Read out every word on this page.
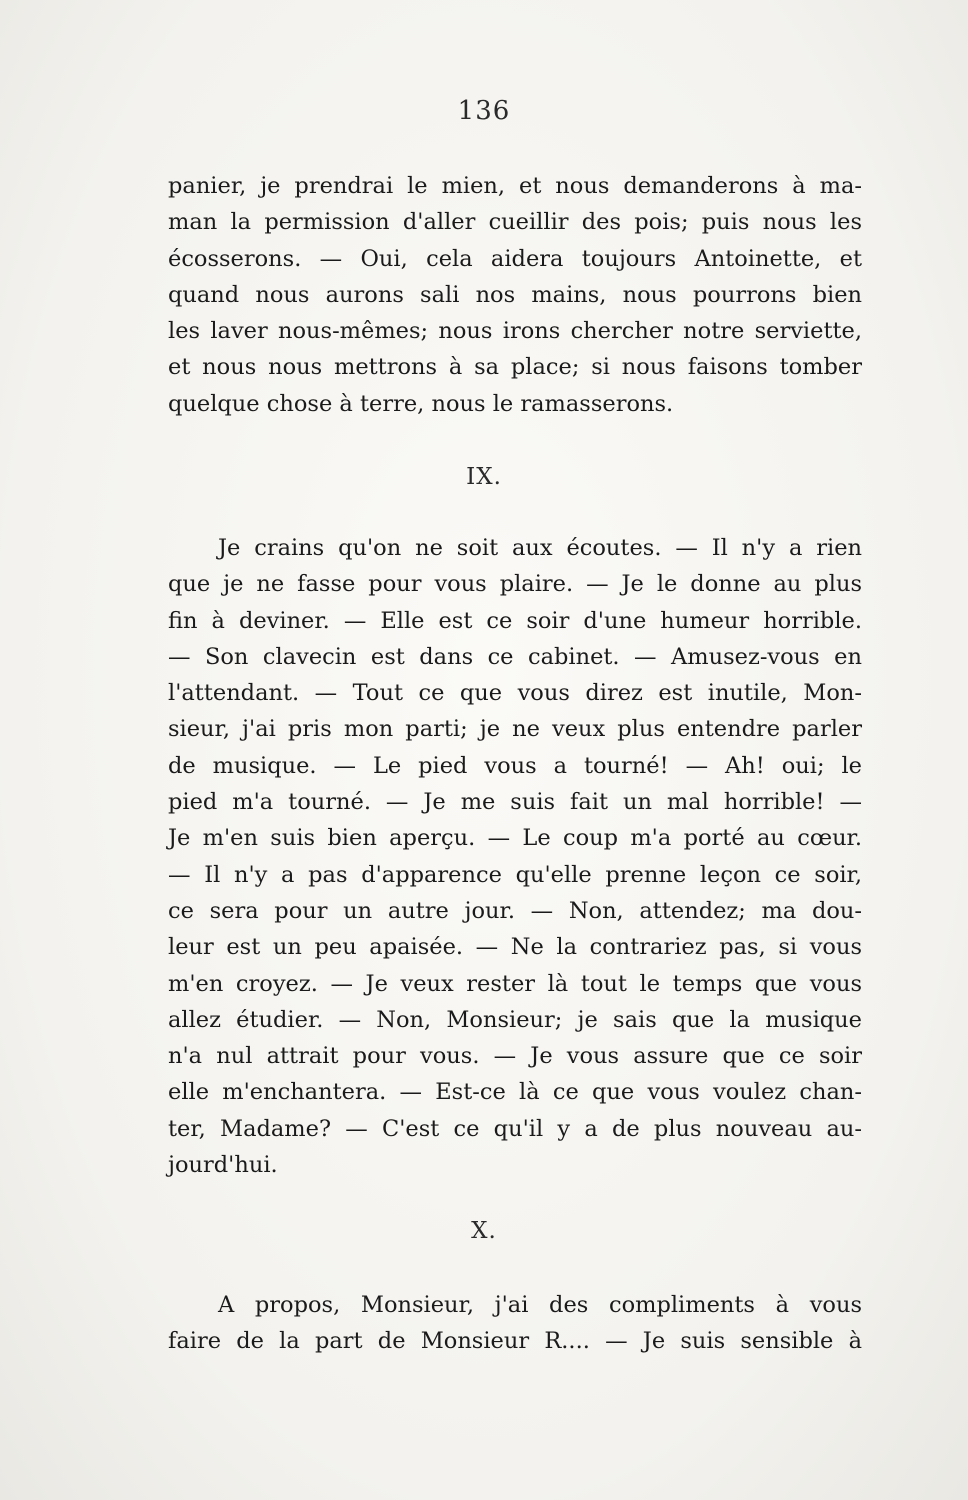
136
panier, je prendrai le mien, et nous demanderons à ma-
man la permission d'aller cueillir des pois; puis nous les
écosserons. — Oui, cela aidera toujours Antoinette, et
quand nous aurons sali nos mains, nous pourrons bien
les laver nous-mêmes; nous irons chercher notre serviette,
et nous nous mettrons à sa place; si nous faisons tomber
quelque chose à terre, nous le ramasserons.
IX.
Je crains qu'on ne soit aux écoutes. — Il n'y a rien
que je ne fasse pour vous plaire. — Je le donne au plus
fin à deviner. — Elle est ce soir d'une humeur horrible.
— Son clavecin est dans ce cabinet. — Amusez-vous en
l'attendant. — Tout ce que vous direz est inutile, Mon-
sieur, j'ai pris mon parti; je ne veux plus entendre parler
de musique. — Le pied vous a tourné! — Ah! oui; le
pied m'a tourné. — Je me suis fait un mal horrible! —
Je m'en suis bien aperçu. — Le coup m'a porté au cœur.
— Il n'y a pas d'apparence qu'elle prenne leçon ce soir,
ce sera pour un autre jour. — Non, attendez; ma dou-
leur est un peu apaisée. — Ne la contrariez pas, si vous
m'en croyez. — Je veux rester là tout le temps que vous
allez étudier. — Non, Monsieur; je sais que la musique
n'a nul attrait pour vous. — Je vous assure que ce soir
elle m'enchantera. — Est-ce là ce que vous voulez chan-
ter, Madame? — C'est ce qu'il y a de plus nouveau au-
jourd'hui.
X.
A propos, Monsieur, j'ai des compliments à vous
faire de la part de Monsieur R.... — Je suis sensible à
